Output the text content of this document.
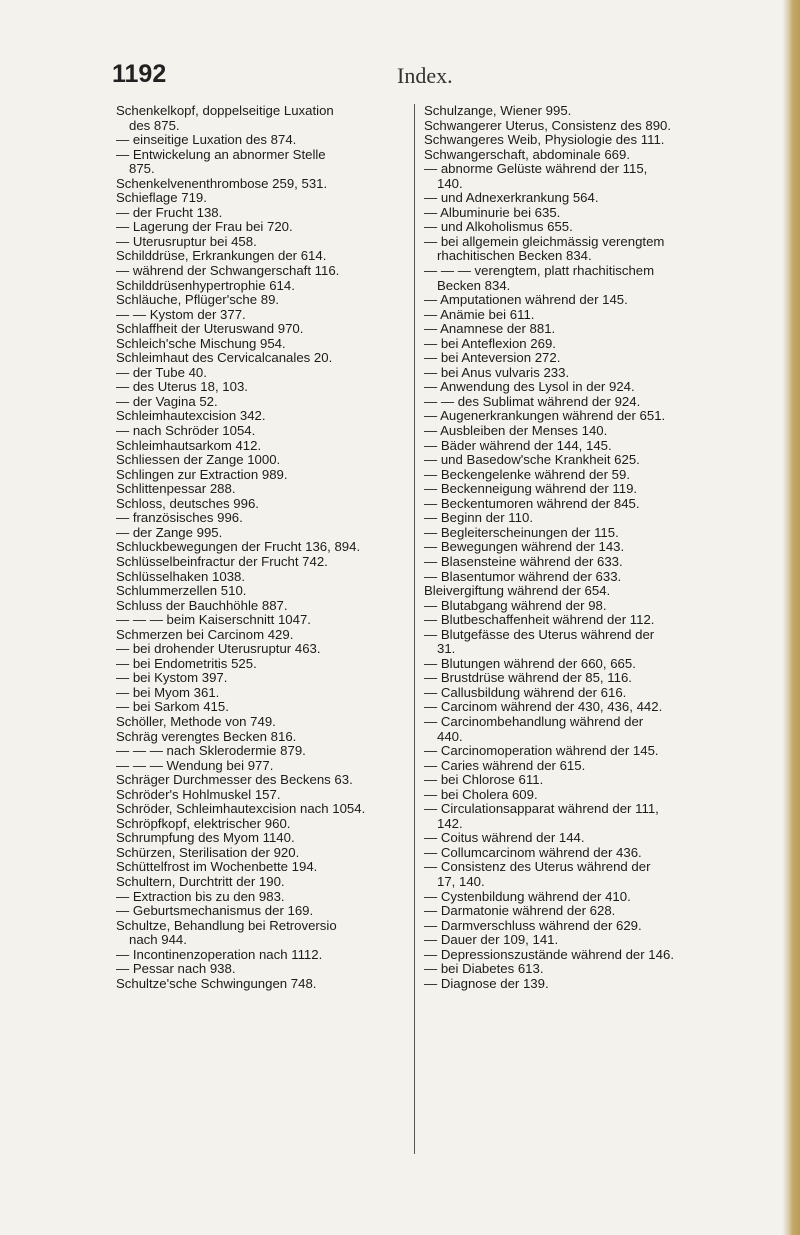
1192	Index.
Schenkelkopf, doppelseitige Luxation
des 875.
— einseitige Luxation des 874.
— Entwickelung an abnormer Stelle
875.
Schenkelvenenthrombose 259, 531.
Schieflage 719.
— der Frucht 138.
— Lagerung der Frau bei 720.
— Uterusruptur bei 458.
Schilddrüse, Erkrankungen der 614.
— während der Schwangerschaft 116.
Schilddrüsenhypertrophie 614.
Schläuche, Pflüger'sche 89.
— — Kystom der 377.
Schlaffheit der Uteruswand 970.
Schleich'sche Mischung 954.
Schleimhaut des Cervicalcanales 20.
— der Tube 40.
— des Uterus 18, 103.
— der Vagina 52.
Schleimhautexcision 342.
— nach Schröder 1054.
Schleimhautsarkom 412.
Schliessen der Zange 1000.
Schlingen zur Extraction 989.
Schlittenpessar 288.
Schloss, deutsches 996.
— französisches 996.
— der Zange 995.
Schluckbewegungen der Frucht 136, 894.
Schlüsselbeinfractur der Frucht 742.
Schlüsselhaken 1038.
Schlummerzellen 510.
Schluss der Bauchhöhle 887.
— — — beim Kaiserschnitt 1047.
Schmerzen bei Carcinom 429.
— bei drohender Uterusruptur 463.
— bei Endometritis 525.
— bei Kystom 397.
— bei Myom 361.
— bei Sarkom 415.
Schöller, Methode von 749.
Schräg verengtes Becken 816.
— — — nach Sklerodermie 879.
— — — Wendung bei 977.
Schräger Durchmesser des Beckens 63.
Schröder's Hohlmuskel 157.
Schröder, Schleimhautexcision nach 1054.
Schröpfkopf, elektrischer 960.
Schrumpfung des Myom 1140.
Schürzen, Sterilisation der 920.
Schüttelfrost im Wochenbette 194.
Schultern, Durchtritt der 190.
— Extraction bis zu den 983.
— Geburtsmechanismus der 169.
Schultze, Behandlung bei Retroversio
nach 944.
— Incontinenzoperation nach 1112.
— Pessar nach 938.
Schultze'sche Schwingungen 748.
Schulzange, Wiener 995.
Schwangerer Uterus, Consistenz des 890.
Schwangeres Weib, Physiologie des 111.
Schwangerschaft, abdominale 669.
— abnorme Gelüste während der 115,
140.
— und Adnexerkrankung 564.
— Albuminurie bei 635.
— und Alkoholismus 655.
— bei allgemein gleichmässig verengtem
rhachitischen Becken 834.
— — — verengtem, platt rhachitischem
Becken 834.
— Amputationen während der 145.
— Anämie bei 611.
— Anamnese der 881.
— bei Anteflexion 269.
— bei Anteversion 272.
— bei Anus vulvaris 233.
— Anwendung des Lysol in der 924.
— — des Sublimat während der 924.
— Augenerkrankungen während der 651.
— Ausbleiben der Menses 140.
— Bäder während der 144, 145.
— und Basedow'sche Krankheit 625.
— Beckengelenke während der 59.
— Beckenneigung während der 119.
— Beckentumoren während der 845.
— Beginn der 110.
— Begleiterscheinungen der 115.
— Bewegungen während der 143.
— Blasensteine während der 633.
— Blasentumor während der 633.
Bleivergiftung während der 654.
— Blutabgang während der 98.
— Blutbeschaffenheit während der 112.
— Blutgefässe des Uterus während der
31.
— Blutungen während der 660, 665.
— Brustdrüse während der 85, 116.
— Callusbildung während der 616.
— Carcinom während der 430, 436, 442.
— Carcinombehandlung während der
440.
— Carcinomoperation während der 145.
— Caries während der 615.
— bei Chlorose 611.
— bei Cholera 609.
— Circulationsapparat während der 111,
142.
— Coitus während der 144.
— Collumcarcinom während der 436.
— Consistenz des Uterus während der
17, 140.
— Cystenbildung während der 410.
— Darmatonie während der 628.
— Darmverschluss während der 629.
— Dauer der 109, 141.
— Depressionszustände während der 146.
— bei Diabetes 613.
— Diagnose der 139.
